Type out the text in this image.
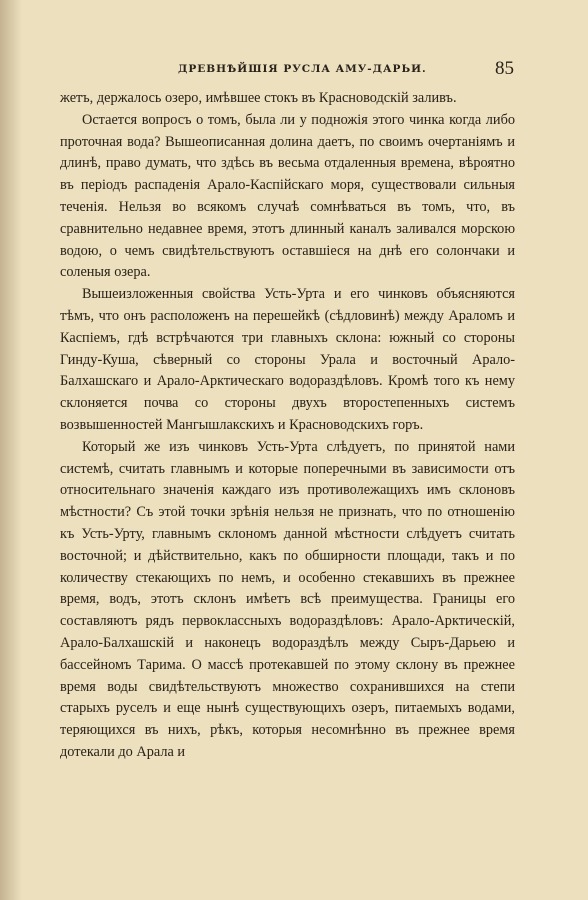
ДРЕВНѢЙШІЯ РУСЛА АМУ-ДАРЬИ.	85

жетъ, держалось озеро, имѣвшее стокъ въ Красноводскій заливъ.

Остается вопросъ о томъ, была ли у подножія этого чинка когда либо проточная вода? Вышеописанная долина даетъ, по своимъ очертаніямъ и длинѣ, право думать, что здѣсь въ весьма отдаленныя времена, вѣроятно въ періодъ распаденія Арало-Каспійскаго моря, существовали сильныя теченія. Нельзя во всякомъ случаѣ сомнѣваться въ томъ, что, въ сравнительно недавнее время, этотъ длинный каналъ заливался морскою водою, о чемъ свидѣтельствуютъ оставшіеся на днѣ его солончаки и соленыя озера.

Вышеизложенныя свойства Усть-Урта и его чинковъ объясняются тѣмъ, что онъ расположенъ на перешейкѣ (сѣдловинѣ) между Араломъ и Каспіемъ, гдѣ встрѣчаются три главныхъ склона: южный со стороны Гинду-Куша, сѣверный со стороны Урала и восточный Арало-Балхашскаго и Арало-Арктическаго водораздѣловъ. Кромѣ того къ нему склоняется почва со стороны двухъ второстепенныхъ системъ возвышенностей Мангышлакскихъ и Красноводскихъ горъ.

Который же изъ чинковъ Усть-Урта слѣдуетъ, по принятой нами системѣ, считать главнымъ и которые поперечными въ зависимости отъ относительнаго значенія каждаго изъ противолежащихъ имъ склоновъ мѣстности? Съ этой точки зрѣнія нельзя не признать, что по отношенію къ Усть-Урту, главнымъ склономъ данной мѣстности слѣдуетъ считать восточной; и дѣйствительно, какъ по обширности площади, такъ и по количеству стекающихъ по немъ, и особенно стекавшихъ въ прежнее время, водъ, этотъ склонъ имѣетъ всѣ преимущества. Границы его составляютъ рядъ первоклассныхъ водораздѣловъ: Арало-Арктическій, Арало-Балхашскій и наконецъ водораздѣлъ между Сыръ-Дарьею и бассейномъ Тарима. О массѣ протекавшей по этому склону въ прежнее время воды свидѣтельствуютъ множество сохранившихся на степи старыхъ руселъ и еще нынѣ существующихъ озеръ, питаемыхъ водами, теряющихся въ нихъ, рѣкъ, которыя несомнѣнно въ прежнее время дотекали до Арала и
